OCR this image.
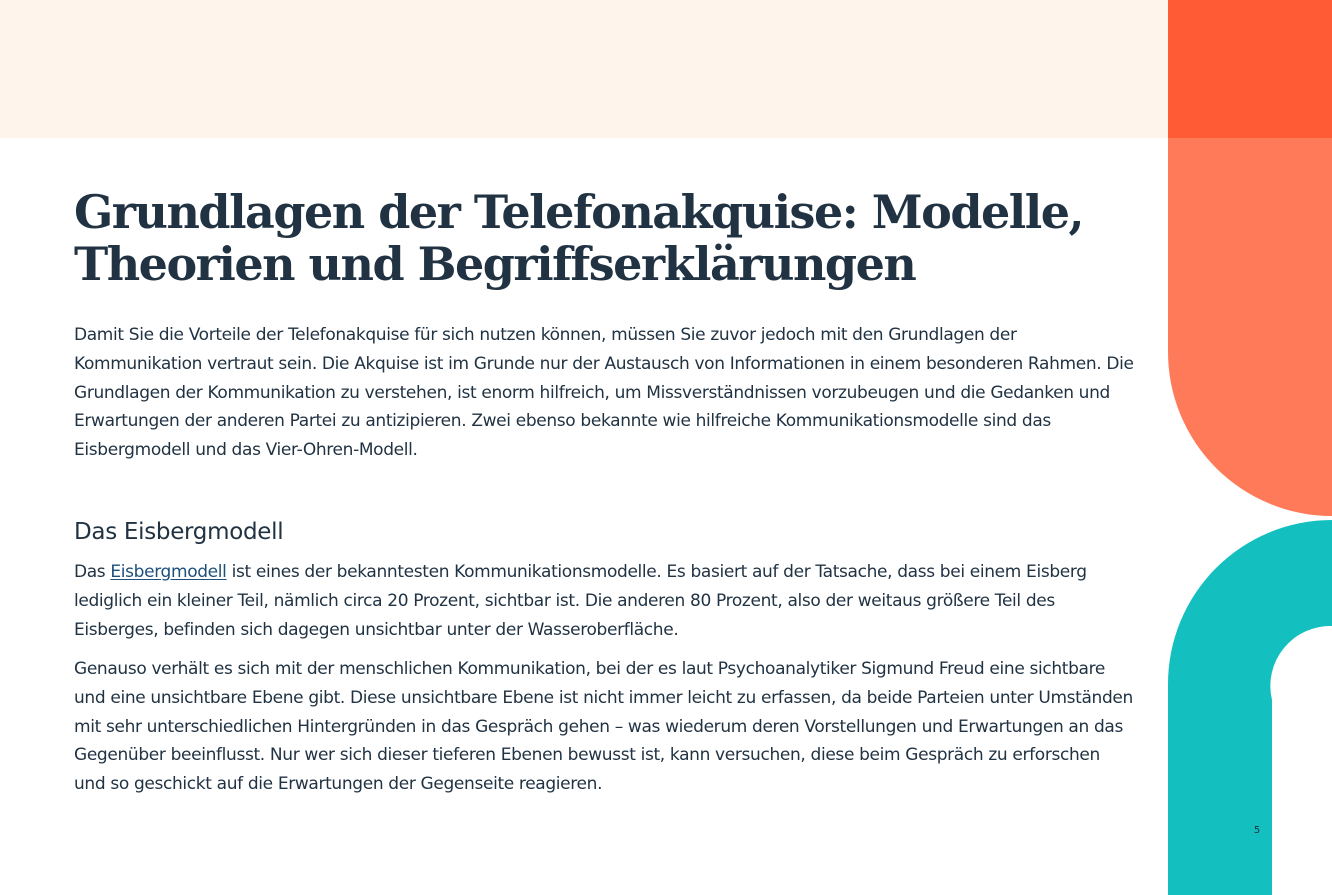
Grundlagen der Telefonakquise: Modelle, Theorien und Begriffserklärungen

Damit Sie die Vorteile der Telefonakquise für sich nutzen können, müssen Sie zuvor jedoch mit den Grundlagen der Kommunikation vertraut sein. Die Akquise ist im Grunde nur der Austausch von Informationen in einem besonderen Rahmen. Die Grundlagen der Kommunikation zu verstehen, ist enorm hilfreich, um Missverständnissen vorzubeugen und die Gedanken und Erwartungen der anderen Partei zu antizipieren. Zwei ebenso bekannte wie hilfreiche Kommunikationsmodelle sind das Eisbergmodell und das Vier-Ohren-Modell.

Das Eisbergmodell

Das Eisbergmodell ist eines der bekanntesten Kommunikationsmodelle. Es basiert auf der Tatsache, dass bei einem Eisberg lediglich ein kleiner Teil, nämlich circa 20 Prozent, sichtbar ist. Die anderen 80 Prozent, also der weitaus größere Teil des Eisberges, befinden sich dagegen unsichtbar unter der Wasseroberfläche.

Genauso verhält es sich mit der menschlichen Kommunikation, bei der es laut Psychoanalytiker Sigmund Freud eine sichtbare und eine unsichtbare Ebene gibt. Diese unsichtbare Ebene ist nicht immer leicht zu erfassen, da beide Parteien unter Umständen mit sehr unterschiedlichen Hintergründen in das Gespräch gehen – was wiederum deren Vorstellungen und Erwartungen an das Gegenüber beeinflusst. Nur wer sich dieser tieferen Ebenen bewusst ist, kann versuchen, diese beim Gespräch zu erforschen und so geschickt auf die Erwartungen der Gegenseite reagieren.

5
